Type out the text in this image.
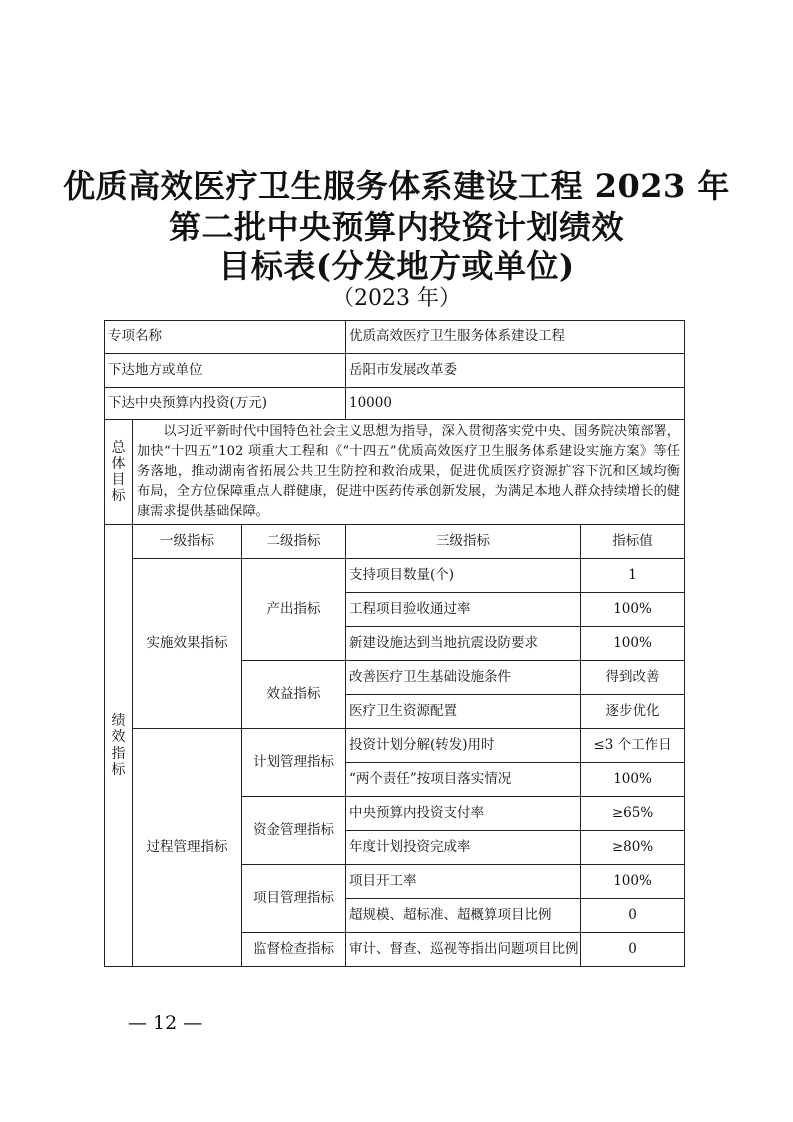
优质高效医疗卫生服务体系建设工程 2023 年
第二批中央预算内投资计划绩效
目标表(分发地方或单位)
（2023 年）
专项名称			优质高效医疗卫生服务体系建设工程	
下达地方或单位			岳阳市发展改革委	
下达中央预算内投资(万元)			10000	

总
体
目
标	以习近平新时代中国特色社会主义思想为指导，深入贯彻落实党中央、国务院决策部署，加快“十四五”102 项重大工程和《“十四五”优质高效医疗卫生服务体系建设实施方案》等任务落地，推动湖南省拓展公共卫生防控和救治成果，促进优质医疗资源扩容下沉和区域均衡 布局，全方位保障重点人群健康，促进中医药传承创新发展，为满足本地人群众持续增长的健康需求提供基础保障。			

绩
效
指
标	一级指标	二级指标	三级指标	指标值
	实施效果指标	产出指标	支持项目数量(个)	1
			工程项目验收通过率	100%
			新建设施达到当地抗震设防要求	100%
		效益指标	改善医疗卫生基础设施条件	得到改善
			医疗卫生资源配置	逐步优化
	过程管理指标	计划管理指标	投资计划分解(转发)用时	≤3 个工作日
			“两个责任”按项目落实情况	100%
		资金管理指标	中央预算内投资支付率	≥65%
			年度计划投资完成率	≥80%
		项目管理指标	项目开工率	100%
			超规模、超标准、超概算项目比例	0
		监督检查指标	审计、督查、巡视等指出问题项目比例	0
— 12 —
